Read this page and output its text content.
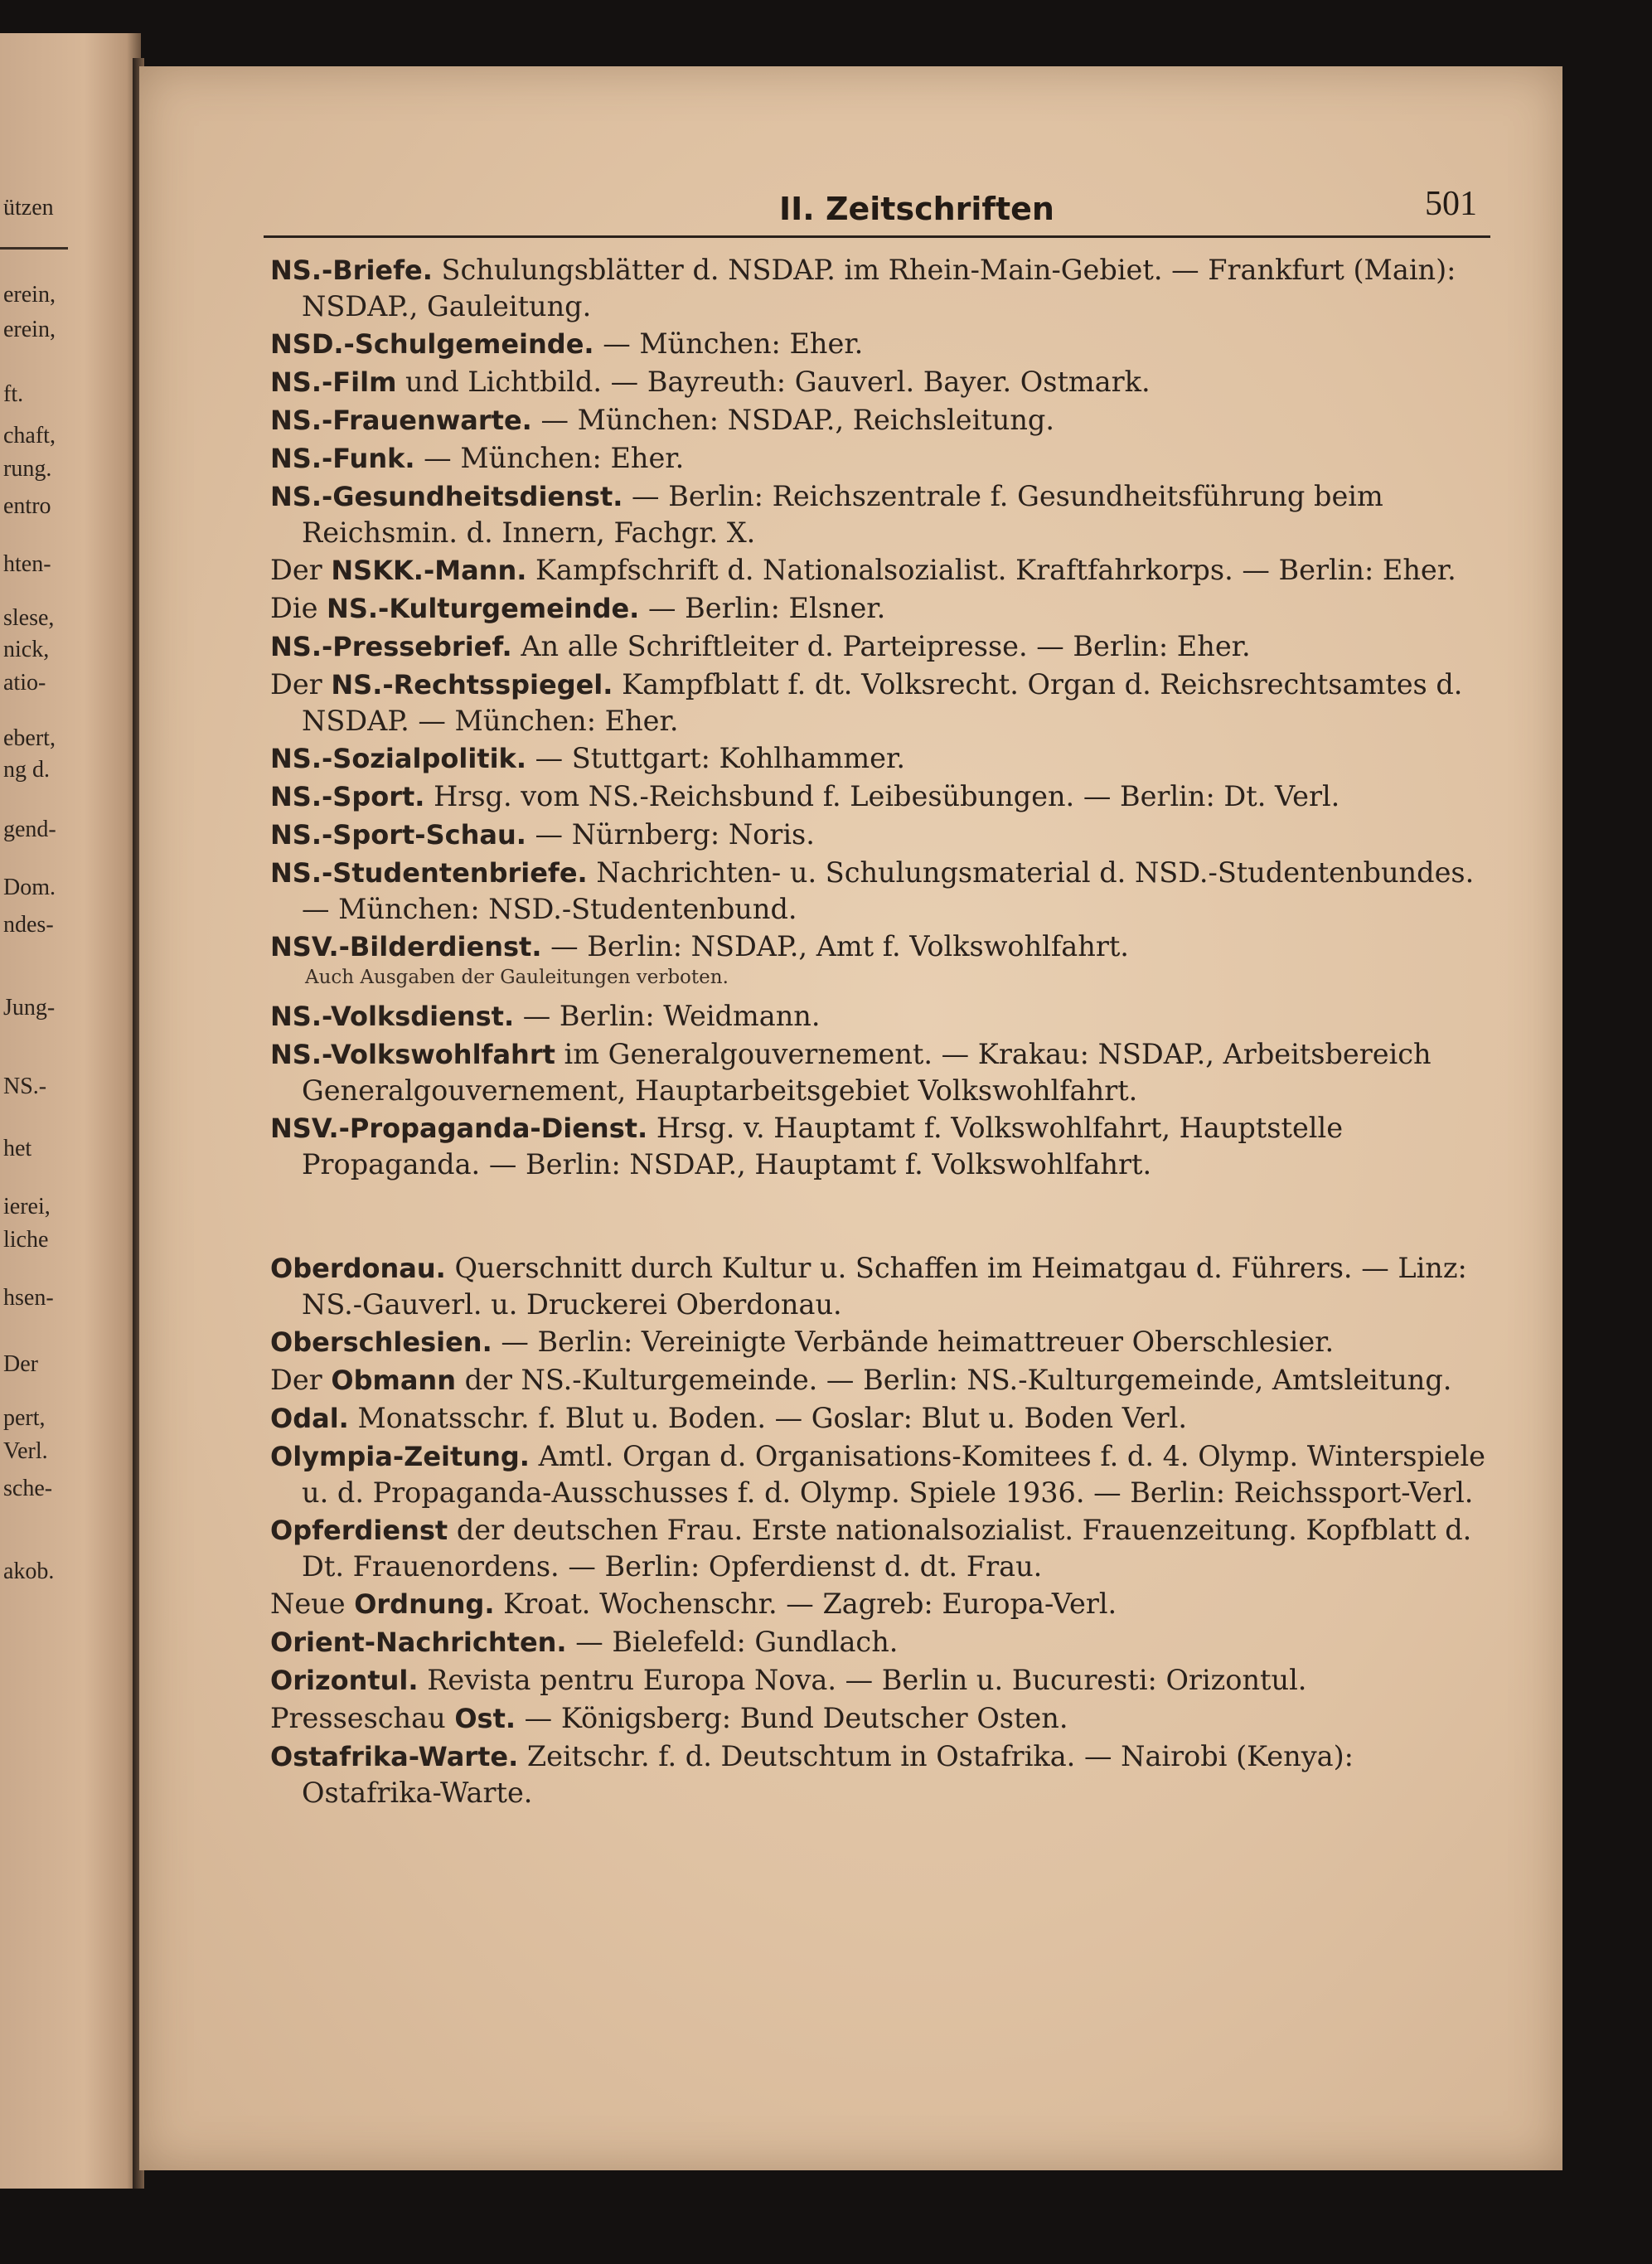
ützen

erein,

erein,

ft.

chaft,

rung.

entro

hten-

slese,

nick,

atio-

ebert,

ng d.

gend-

Dom.

ndes-

Jung-

NS.-

het

ierei,

liche

hsen-

Der

pert,

Verl.

sche-

akob.

II. Zeitschriften	501
NS.-Briefe. Schulungsblätter d. NSDAP. im Rhein-Main-Gebiet. — Frankfurt (Main): NSDAP., Gauleitung.
NSD.-Schulgemeinde. — München: Eher.
NS.-Film und Lichtbild. — Bayreuth: Gauverl. Bayer. Ostmark.
NS.-Frauenwarte. — München: NSDAP., Reichsleitung.
NS.-Funk. — München: Eher.
NS.-Gesundheitsdienst. — Berlin: Reichszentrale f. Gesundheitsführung beim Reichsmin. d. Innern, Fachgr. X.
Der NSKK.-Mann. Kampfschrift d. Nationalsozialist. Kraftfahrkorps. — Berlin: Eher.
Die NS.-Kulturgemeinde. — Berlin: Elsner.
NS.-Pressebrief. An alle Schriftleiter d. Parteipresse. — Berlin: Eher.
Der NS.-Rechtsspiegel. Kampfblatt f. dt. Volksrecht. Organ d. Reichsrechtsamtes d. NSDAP. — München: Eher.
NS.-Sozialpolitik. — Stuttgart: Kohlhammer.
NS.-Sport. Hrsg. vom NS.-Reichsbund f. Leibesübungen. — Berlin: Dt. Verl.
NS.-Sport-Schau. — Nürnberg: Noris.
NS.-Studentenbriefe. Nachrichten- u. Schulungsmaterial d. NSD.-Studentenbundes. — München: NSD.-Studentenbund.
NSV.-Bilderdienst. — Berlin: NSDAP., Amt f. Volkswohlfahrt.
Auch Ausgaben der Gauleitungen verboten.
NS.-Volksdienst. — Berlin: Weidmann.
NS.-Volkswohlfahrt im Generalgouvernement. — Krakau: NSDAP., Arbeitsbereich Generalgouvernement, Hauptarbeitsgebiet Volkswohlfahrt.
NSV.-Propaganda-Dienst. Hrsg. v. Hauptamt f. Volkswohlfahrt, Hauptstelle Propaganda. — Berlin: NSDAP., Hauptamt f. Volkswohlfahrt.
Oberdonau. Querschnitt durch Kultur u. Schaffen im Heimatgau d. Führers. — Linz: NS.-Gauverl. u. Druckerei Oberdonau.
Oberschlesien. — Berlin: Vereinigte Verbände heimattreuer Oberschlesier.
Der Obmann der NS.-Kulturgemeinde. — Berlin: NS.-Kulturgemeinde, Amtsleitung.
Odal. Monatsschr. f. Blut u. Boden. — Goslar: Blut u. Boden Verl.
Olympia-Zeitung. Amtl. Organ d. Organisations-Komitees f. d. 4. Olymp. Winterspiele u. d. Propaganda-Ausschusses f. d. Olymp. Spiele 1936. — Berlin: Reichssport-Verl.
Opferdienst der deutschen Frau. Erste nationalsozialist. Frauenzeitung. Kopfblatt d. Dt. Frauenordens. — Berlin: Opferdienst d. dt. Frau.
Neue Ordnung. Kroat. Wochenschr. — Zagreb: Europa-Verl.
Orient-Nachrichten. — Bielefeld: Gundlach.
Orizontul. Revista pentru Europa Nova. — Berlin u. Bucuresti: Orizontul.
Presseschau Ost. — Königsberg: Bund Deutscher Osten.
Ostafrika-Warte. Zeitschr. f. d. Deutschtum in Ostafrika. — Nairobi (Kenya): Ostafrika-Warte.
